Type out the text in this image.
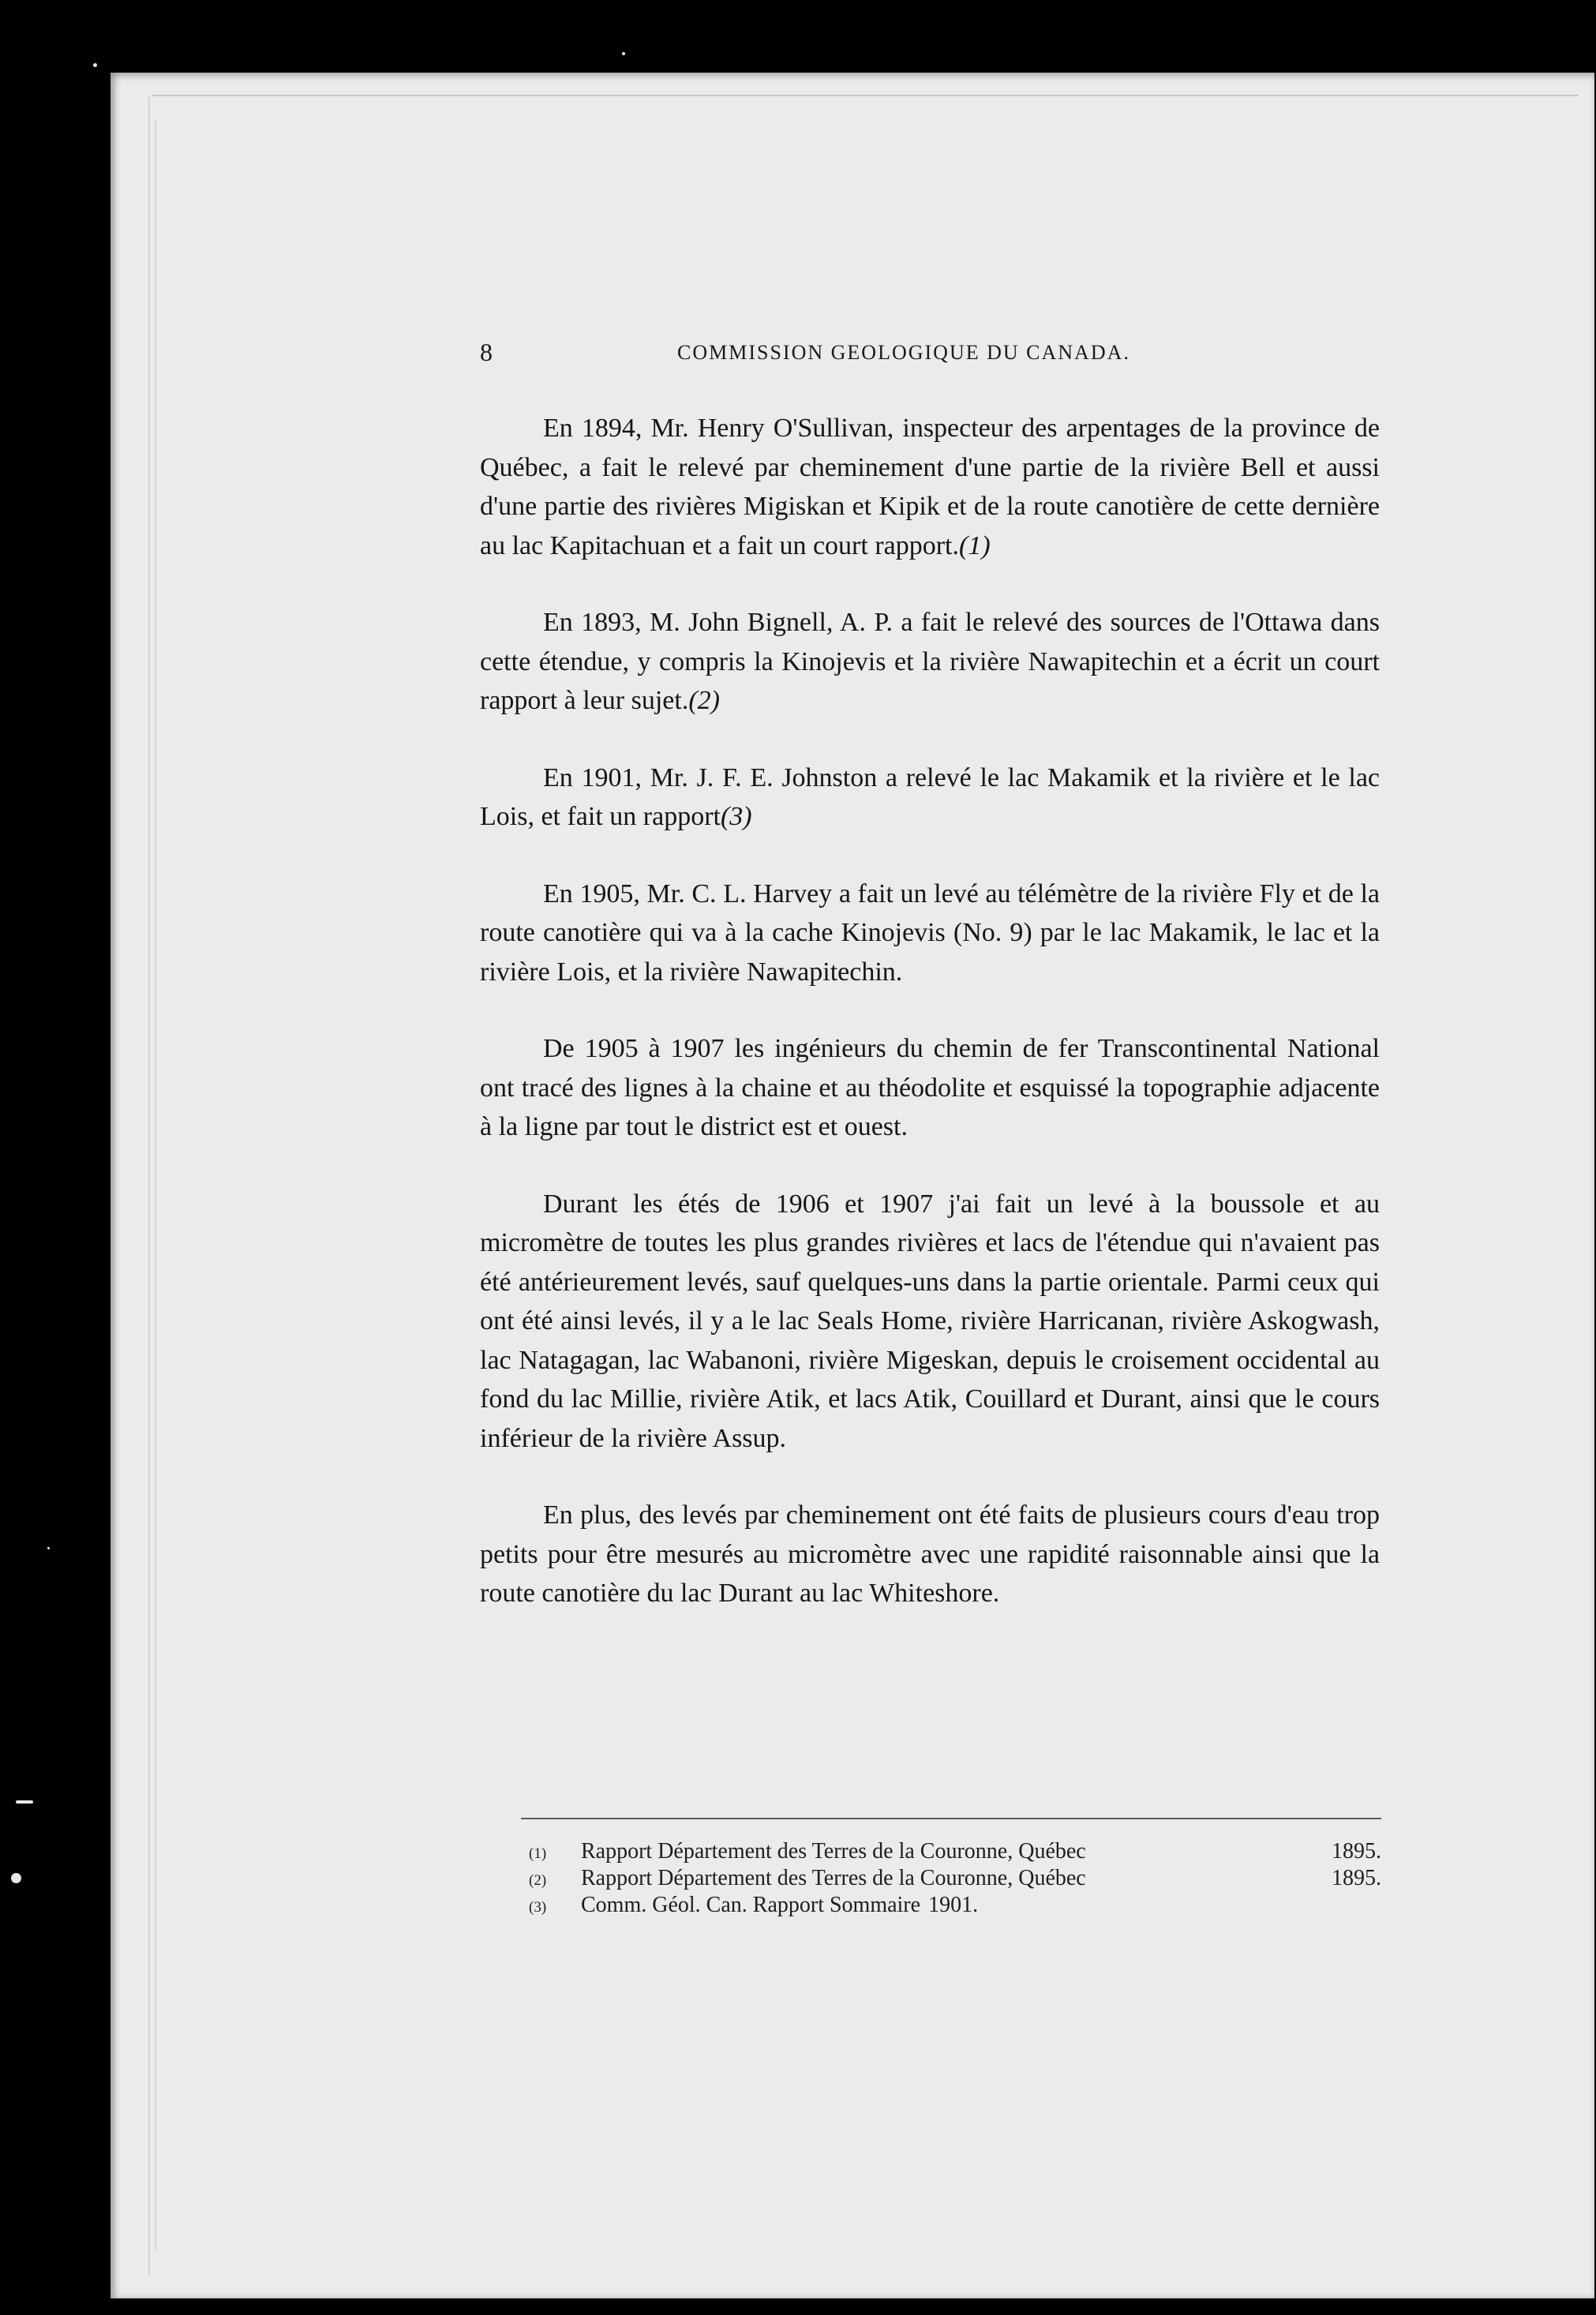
8	COMMISSION GEOLOGIQUE DU CANADA.

En 1894, Mr. Henry O'Sullivan, inspecteur des arpentages de la province de Québec, a fait le relevé par cheminement d'une partie de la rivière Bell et aussi d'une partie des rivières Migiskan et Kipik et de la route canotière de cette dernière au lac Kapitachuan et a fait un court rapport.(1)

En 1893, M. John Bignell, A. P. a fait le relevé des sources de l'Ottawa dans cette étendue, y compris la Kinojevis et la rivière Nawapitechin et a écrit un court rapport à leur sujet.(2)

En 1901, Mr. J. F. E. Johnston a relevé le lac Makamik et la rivière et le lac Lois, et fait un rapport(3)

En 1905, Mr. C. L. Harvey a fait un levé au télémètre de la rivière Fly et de la route canotière qui va à la cache Kinojevis (No. 9) par le lac Makamik, le lac et la rivière Lois, et la rivière Nawapitechin.

De 1905 à 1907 les ingénieurs du chemin de fer Transcontinental National ont tracé des lignes à la chaine et au théodolite et esquissé la topographie adjacente à la ligne par tout le district est et ouest.

Durant les étés de 1906 et 1907 j'ai fait un levé à la boussole et au micromètre de toutes les plus grandes rivières et lacs de l'étendue qui n'avaient pas été antérieurement levés, sauf quelques-uns dans la partie orientale. Parmi ceux qui ont été ainsi levés, il y a le lac Seals Home, rivière Harricanan, rivière Askogwash, lac Natagagan, lac Wabanoni, rivière Migeskan, depuis le croisement occidental au fond du lac Millie, rivière Atik, et lacs Atik, Couillard et Durant, ainsi que le cours inférieur de la rivière Assup.

En plus, des levés par cheminement ont été faits de plusieurs cours d'eau trop petits pour être mesurés au micromètre avec une rapidité raisonnable ainsi que la route canotière du lac Durant au lac Whiteshore.

(1)	Rapport Département des Terres de la Couronne, Québec	1895.
(2)	Rapport Département des Terres de la Couronne, Québec	1895.
(3)	Comm. Géol. Can. Rapport Sommaire 1901.
